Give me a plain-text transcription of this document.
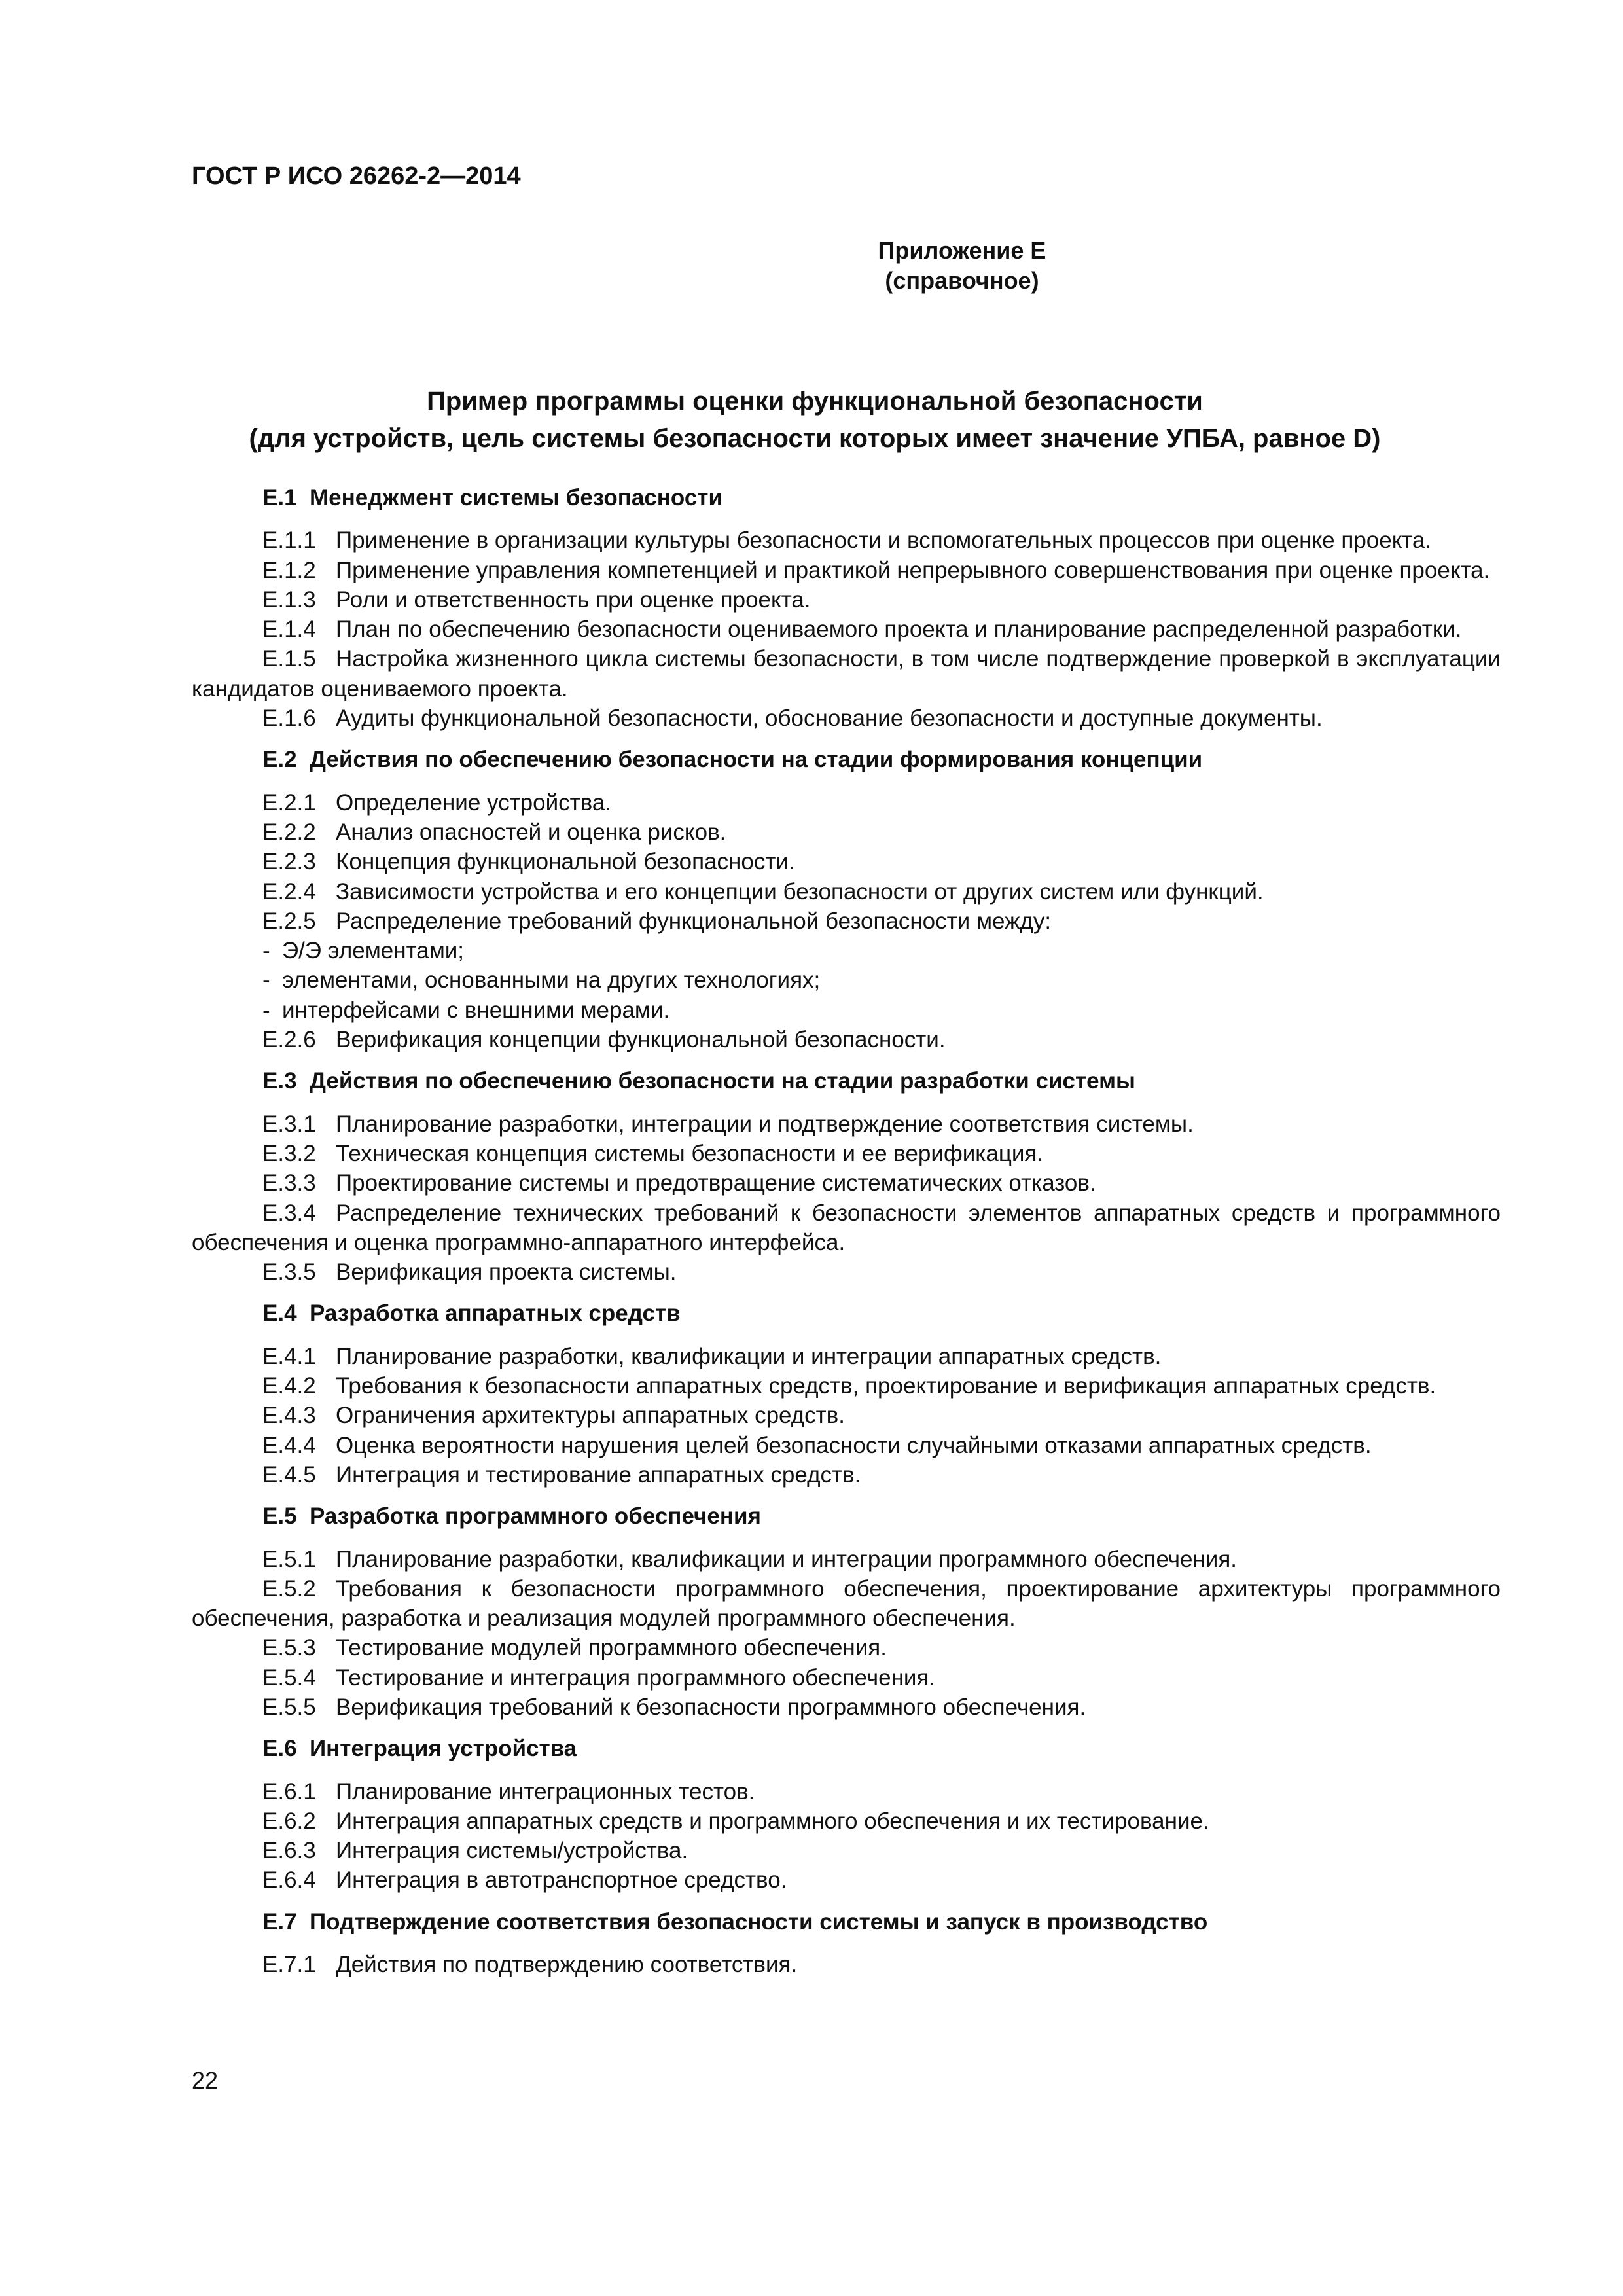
ГОСТ Р ИСО 26262-2—2014
Приложение Е
(справочное)
Пример программы оценки функциональной безопасности
(для устройств, цель системы безопасности которых имеет значение УПБА, равное D)
Е.1 Менеджмент системы безопасности

Е.1.1 Применение в организации культуры безопасности и вспомогательных процессов при оценке проекта.

Е.1.2 Применение управления компетенцией и практикой непрерывного совершенствования при оценке проекта.

Е.1.3 Роли и ответственность при оценке проекта.

Е.1.4 План по обеспечению безопасности оцениваемого проекта и планирование распределенной разработки.

Е.1.5 Настройка жизненного цикла системы безопасности, в том числе подтверждение проверкой в эксплуатации кандидатов оцениваемого проекта.

Е.1.6 Аудиты функциональной безопасности, обоснование безопасности и доступные документы.

Е.2 Действия по обеспечению безопасности на стадии формирования концепции

Е.2.1 Определение устройства.

Е.2.2 Анализ опасностей и оценка рисков.

Е.2.3 Концепция функциональной безопасности.

Е.2.4 Зависимости устройства и его концепции безопасности от других систем или функций.

Е.2.5 Распределение требований функциональной безопасности между:

- Э/Э элементами;

- элементами, основанными на других технологиях;

- интерфейсами с внешними мерами.

Е.2.6 Верификация концепции функциональной безопасности.

Е.3 Действия по обеспечению безопасности на стадии разработки системы

Е.3.1 Планирование разработки, интеграции и подтверждение соответствия системы.

Е.3.2 Техническая концепция системы безопасности и ее верификация.

Е.3.3 Проектирование системы и предотвращение систематических отказов.

Е.3.4 Распределение технических требований к безопасности элементов аппаратных средств и программного обеспечения и оценка программно-аппаратного интерфейса.

Е.3.5 Верификация проекта системы.

Е.4 Разработка аппаратных средств

Е.4.1 Планирование разработки, квалификации и интеграции аппаратных средств.

Е.4.2 Требования к безопасности аппаратных средств, проектирование и верификация аппаратных средств.

Е.4.3 Ограничения архитектуры аппаратных средств.

Е.4.4 Оценка вероятности нарушения целей безопасности случайными отказами аппаратных средств.

Е.4.5 Интеграция и тестирование аппаратных средств.

Е.5 Разработка программного обеспечения

Е.5.1 Планирование разработки, квалификации и интеграции программного обеспечения.

Е.5.2 Требования к безопасности программного обеспечения, проектирование архитектуры программного обеспечения, разработка и реализация модулей программного обеспечения.

Е.5.3 Тестирование модулей программного обеспечения.

Е.5.4 Тестирование и интеграция программного обеспечения.

Е.5.5 Верификация требований к безопасности программного обеспечения.

Е.6 Интеграция устройства

Е.6.1 Планирование интеграционных тестов.

Е.6.2 Интеграция аппаратных средств и программного обеспечения и их тестирование.

Е.6.3 Интеграция системы/устройства.

Е.6.4 Интеграция в автотранспортное средство.

Е.7 Подтверждение соответствия безопасности системы и запуск в производство

Е.7.1 Действия по подтверждению соответствия.

22
